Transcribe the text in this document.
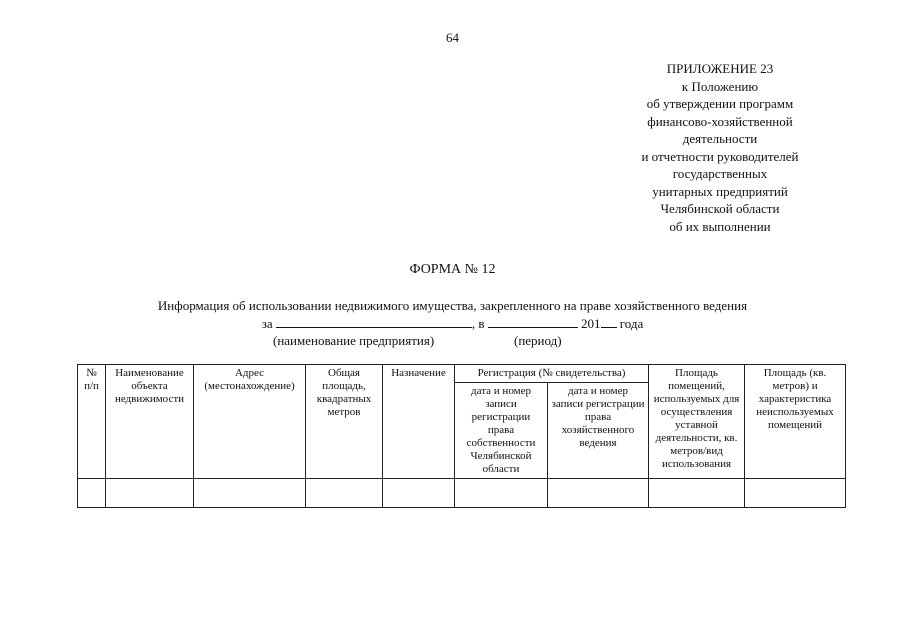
64
ПРИЛОЖЕНИЕ 23
к Положению
об утверждении программ
финансово-хозяйственной
деятельности
и отчетности руководителей
государственных
унитарных предприятий
Челябинской области
об их выполнении
ФОРМА № 12
Информация об использовании недвижимого имущества, закрепленного на праве хозяйственного ведения
за	, в	201 года
(наименование предприятия)	(период)
№ п/п	Наименование объекта недвижимости	Адрес (местонахождение)	Общая площадь, квадратных метров	Назначение	Регистрация (№ свидетельства)		Площадь помещений, используемых для осуществления уставной деятельности, кв. метров/вид использования	Площадь (кв. метров) и характеристика неиспользуемых помещений
					дата и номер записи регистрации права собственности Челябинской области	дата и номер записи регистрации права хозяйственного ведения		
